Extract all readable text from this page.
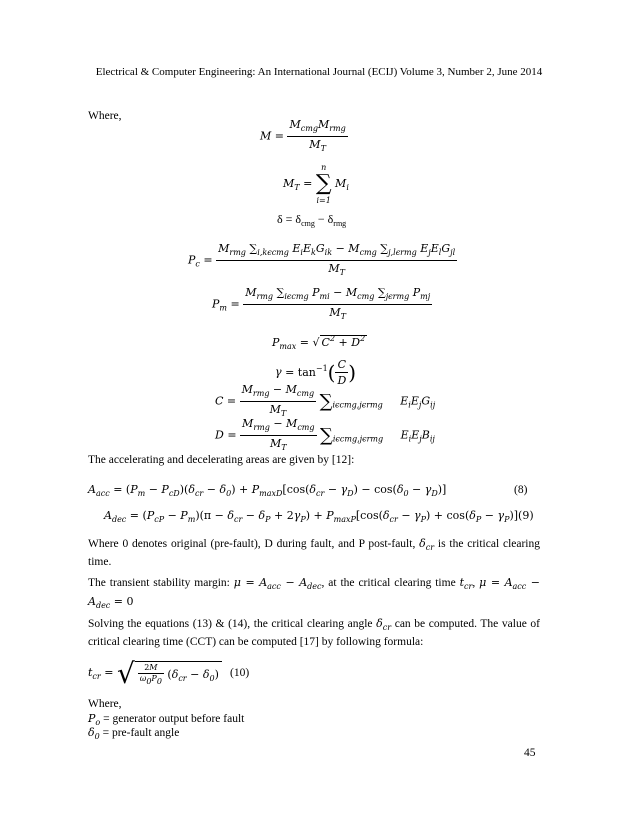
Electrical & Computer Engineering: An International Journal (ECIJ) Volume 3, Number 2, June 2014
Where,
$M = \frac{M_{cmg}M_{rmg}}{M_T}$
$M_T$ =
n
∑
i=1
$M_i$
$\delta = \delta_{cmg} - \delta_{rmg}$
$P_c = \frac{M_{rmg} \sum_{i,k\epsilon cmg} E_iE_kG_{ik} - M_{cmg} \sum_{j,l\epsilon rmg} E_jE_lG_{jl}}{M_T}$
$P_m = \frac{M_{rmg} \sum_{i\epsilon cmg} P_{mi} - M_{cmg} \sum_{j\epsilon rmg} P_{mj}}{M_T}$
$P_{max}$ = √ $C^2 + D^2$
$\gamma = \tan^{-1}( \frac{C}{D}$ )
$C = \frac{M_{rmg} - M_{cmg}}{M_T} \sum_{i\epsilon cmg,j\epsilon rmg}$ $E_iE_jG_{ij}$
$D = \frac{M_{rmg} - M_{cmg}}{M_T} \sum_{i\epsilon cmg,j\epsilon rmg}$ $E_iE_jB_{ij}$
The accelerating and decelerating areas are given by [12]:
$A_{acc} = (P_m - P_{cD})(\delta_{cr} - \delta_0) + P_{maxD}[\cos(\delta_{cr} - \gamma_D) - \cos(\delta_0 - \gamma_D)]$	(8)
$A_{dec} = (P_{cP} - P_m)(\pi - \delta_{cr} - \delta_P + 2\gamma_P) + P_{maxP}[\cos(\delta_{cr} - \gamma_P) + \cos(\delta_P - \gamma_P)](9)$
Where 0 denotes original (pre-fault), D during fault, and P post-fault, $\delta_{cr}$ is the critical clearing time.
The transient stability margin: $\mu = A_{acc} - A_{dec}$, at the critical clearing time $t_{cr}$, $\mu = A_{acc} - A_{dec} = 0$
Solving the equations (13) & (14), the critical clearing angle $\delta_{cr}$ can be computed. The value of critical clearing time (CCT) can be computed [17] by following formula:
$t_{cr}$ = √ $\frac{2M}{\omega_0P_0} (\delta_{cr} - \delta_0)$ (10)
Where,
$P_o$ = generator output before fault
$\delta_0$ = pre-fault angle
45
